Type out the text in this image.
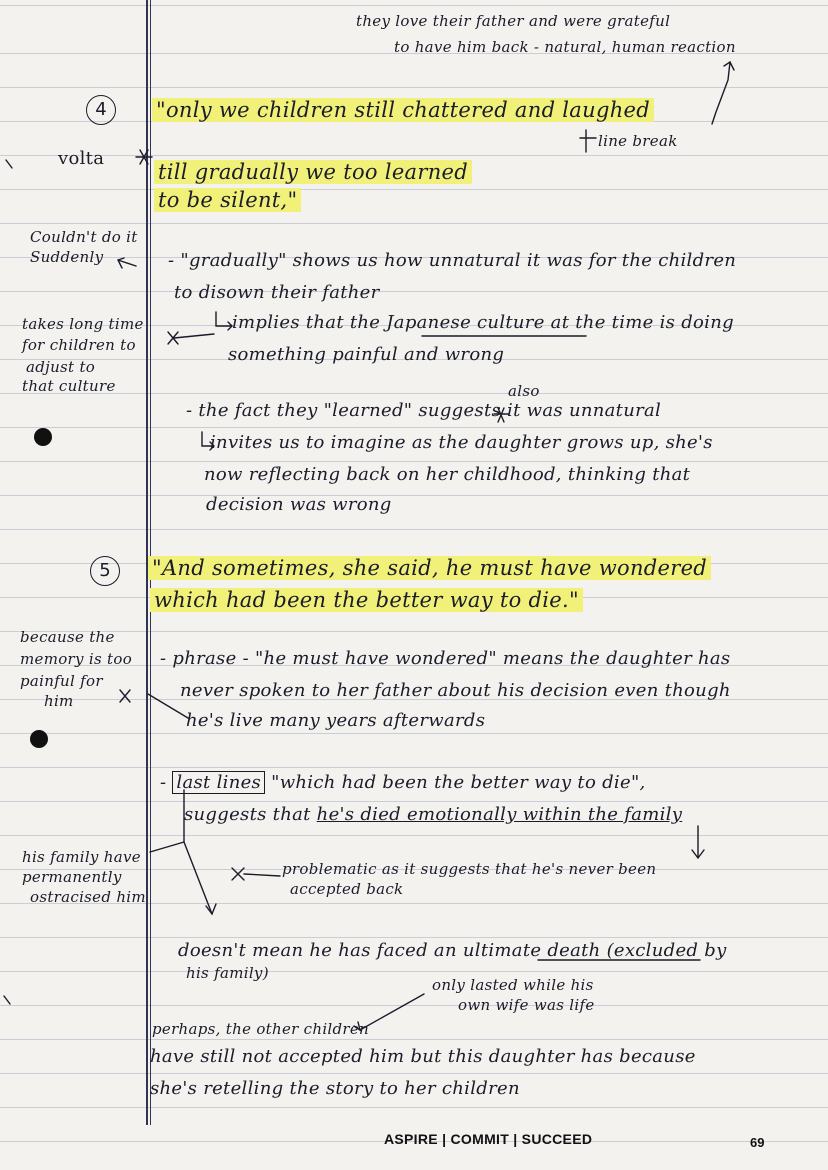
they love their father and were grateful
to have him back - natural, human reaction
4	"only we children still chattered and laughed
line break
volta
till gradually we too learned
to be silent,"
Couldn't do it
Suddenly	- "gradually" shows us how unnatural it was for the children
to disown their father
implies that the Japanese culture at the time is doing
something painful and wrong
takes long time
for children to
adjust to
that culture	also
- the fact they "learned" suggests it was unnatural
invites us to imagine as the daughter grows up, she's
now reflecting back on her childhood, thinking that
decision was wrong
5	"And sometimes, she said, he must have wondered
which had been the better way to die."
because the
memory is too
painful for
him
- phrase - "he must have wondered" means the daughter has
never spoken to her father about his decision even though
he's live many years afterwards
- last lines "which had been the better way to die",
suggests that he's died emotionally within the family
his family have
permanently
ostracised him
problematic as it suggests that he's never been
accepted back
doesn't mean he has faced an ultimate death (excluded by
his family)
only lasted while his
own wife was life
perhaps, the other children
have still not accepted him but this daughter has because
she's retelling the story to her children
ASPIRE | COMMIT | SUCCEED	69
